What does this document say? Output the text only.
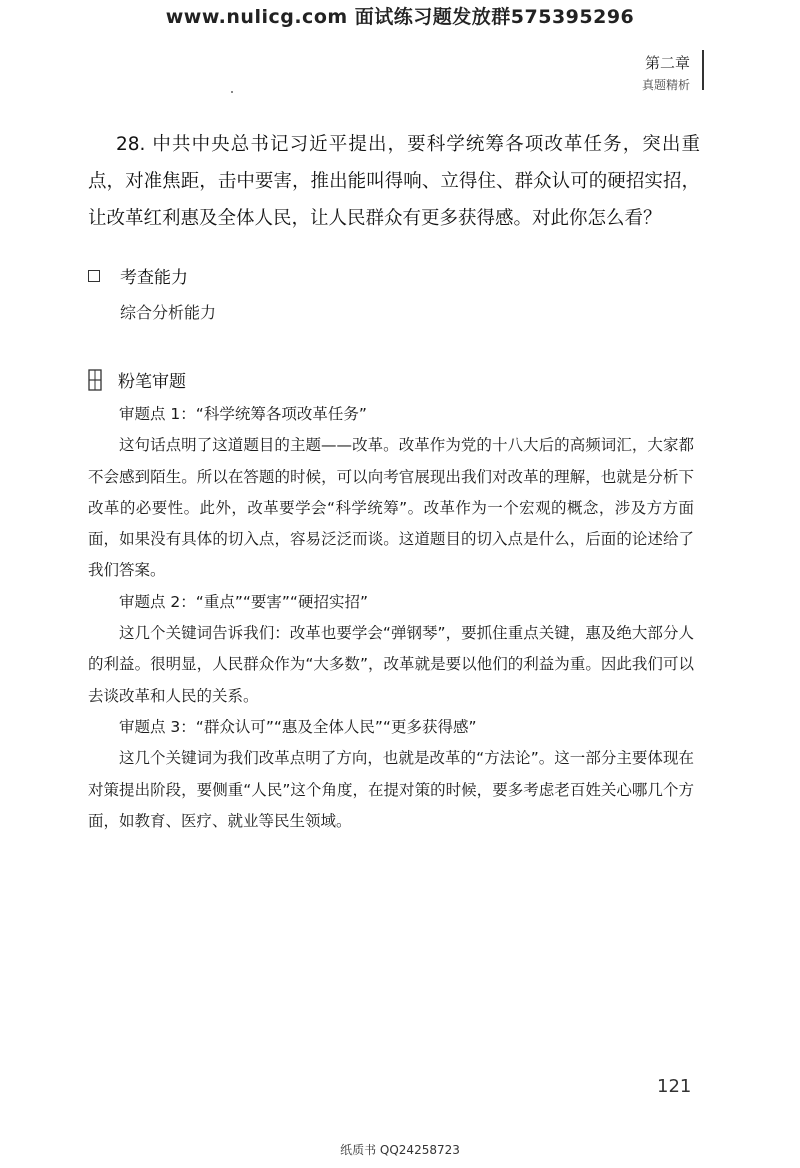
www.nulicg.com 面试练习题发放群575395296
第二章
真题精析
28. 中共中央总书记习近平提出，要科学统筹各项改革任务，突出重点，对准焦距，击中要害，推出能叫得响、立得住、群众认可的硬招实招，让改革红利惠及全体人民，让人民群众有更多获得感。对此你怎么看？
考查能力
综合分析能力
粉笔审题

审题点 1：“科学统筹各项改革任务”

这句话点明了这道题目的主题——改革。改革作为党的十八大后的高频词汇，大家都不会感到陌生。所以在答题的时候，可以向考官展现出我们对改革的理解，也就是分析下改革的必要性。此外，改革要学会“科学统筹”。改革作为一个宏观的概念，涉及方方面面，如果没有具体的切入点，容易泛泛而谈。这道题目的切入点是什么，后面的论述给了我们答案。

审题点 2：“重点”“要害”“硬招实招”

这几个关键词告诉我们：改革也要学会“弹钢琴”，要抓住重点关键，惠及绝大部分人的利益。很明显，人民群众作为“大多数”，改革就是要以他们的利益为重。因此我们可以去谈改革和人民的关系。

审题点 3：“群众认可”“惠及全体人民”“更多获得感”

这几个关键词为我们改革点明了方向，也就是改革的“方法论”。这一部分主要体现在对策提出阶段，要侧重“人民”这个角度，在提对策的时候，要多考虑老百姓关心哪几个方面，如教育、医疗、就业等民生领域。

121
纸质书 QQ24258723
